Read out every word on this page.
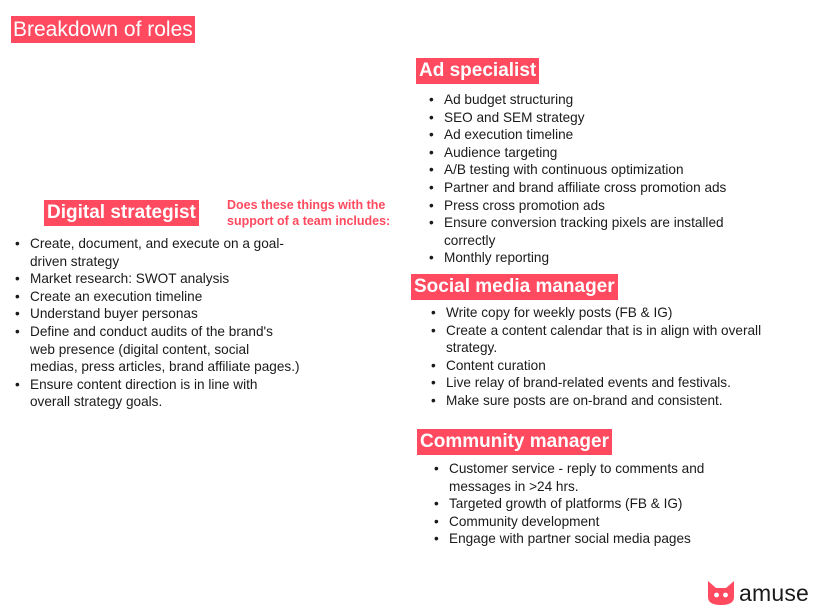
Breakdown of roles
Digital strategist Does these things with the support of a team includes:
• Create, document, and execute on a goal-driven strategy
• Market research: SWOT analysis
• Create an execution timeline
• Understand buyer personas
• Define and conduct audits of the brand's web presence (digital content, social medias, press articles, brand affiliate pages.)
• Ensure content direction is in line with overall strategy goals.
Ad specialist
• Ad budget structuring
• SEO and SEM strategy
• Ad execution timeline
• Audience targeting
• A/B testing with continuous optimization
• Partner and brand affiliate cross promotion ads
• Press cross promotion ads
• Ensure conversion tracking pixels are installed correctly
• Monthly reporting
Social media manager
• Write copy for weekly posts (FB & IG)
• Create a content calendar that is in align with overall strategy.
• Content curation
• Live relay of brand-related events and festivals.
• Make sure posts are on-brand and consistent.
Community manager
• Customer service - reply to comments and messages in >24 hrs.
• Targeted growth of platforms (FB & IG)
• Community development
• Engage with partner social media pages
amuse
